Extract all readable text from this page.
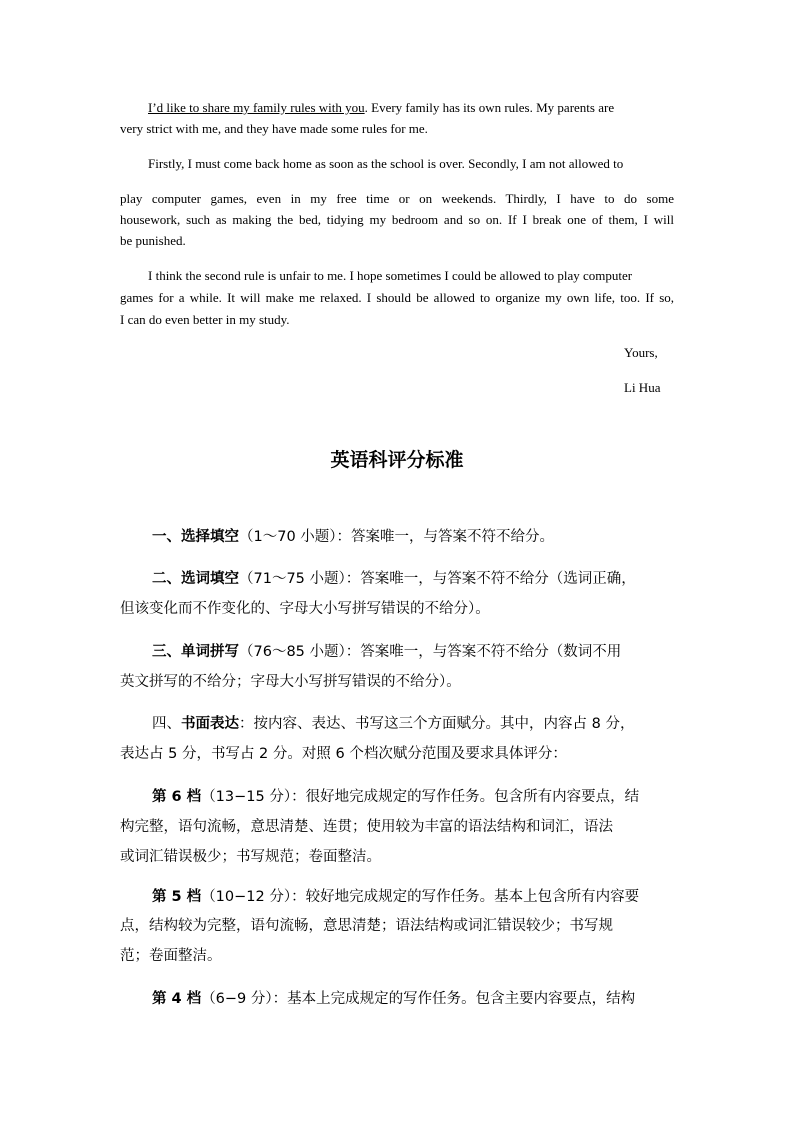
I’d like to share my family rules with you. Every family has its own rules. My parents are
very strict with me, and they have made some rules for me.
Firstly, I must come back home as soon as the school is over. Secondly, I am not allowed to
play computer games, even in my free time or on weekends. Thirdly, I have to do some
housework, such as making the bed, tidying my bedroom and so on. If I break one of them, I will
be punished.
I think the second rule is unfair to me. I hope sometimes I could be allowed to play computer
games for a while. It will make me relaxed. I should be allowed to organize my own life, too. If so,
I can do even better in my study.
Yours,
Li Hua
英语科评分标准
一、选择填空（1～70 小题）：答案唯一，与答案不符不给分。
二、选词填空（71～75 小题）：答案唯一，与答案不符不给分（选词正确，
但该变化而不作变化的、字母大小写拼写错误的不给分）。
三、单词拼写（76～85 小题）：答案唯一，与答案不符不给分（数词不用
英文拼写的不给分；字母大小写拼写错误的不给分）。
四、书面表达：按内容、表达、书写这三个方面赋分。其中，内容占 8 分，
表达占 5 分，书写占 2 分。对照 6 个档次赋分范围及要求具体评分：
第 6 档（13−15 分）：很好地完成规定的写作任务。包含所有内容要点，结
构完整，语句流畅，意思清楚、连贯；使用较为丰富的语法结构和词汇，语法
或词汇错误极少；书写规范；卷面整洁。
第 5 档（10−12 分）：较好地完成规定的写作任务。基本上包含所有内容要
点，结构较为完整，语句流畅，意思清楚；语法结构或词汇错误较少；书写规
范；卷面整洁。
第 4 档（6−9 分）：基本上完成规定的写作任务。包含主要内容要点，结构
